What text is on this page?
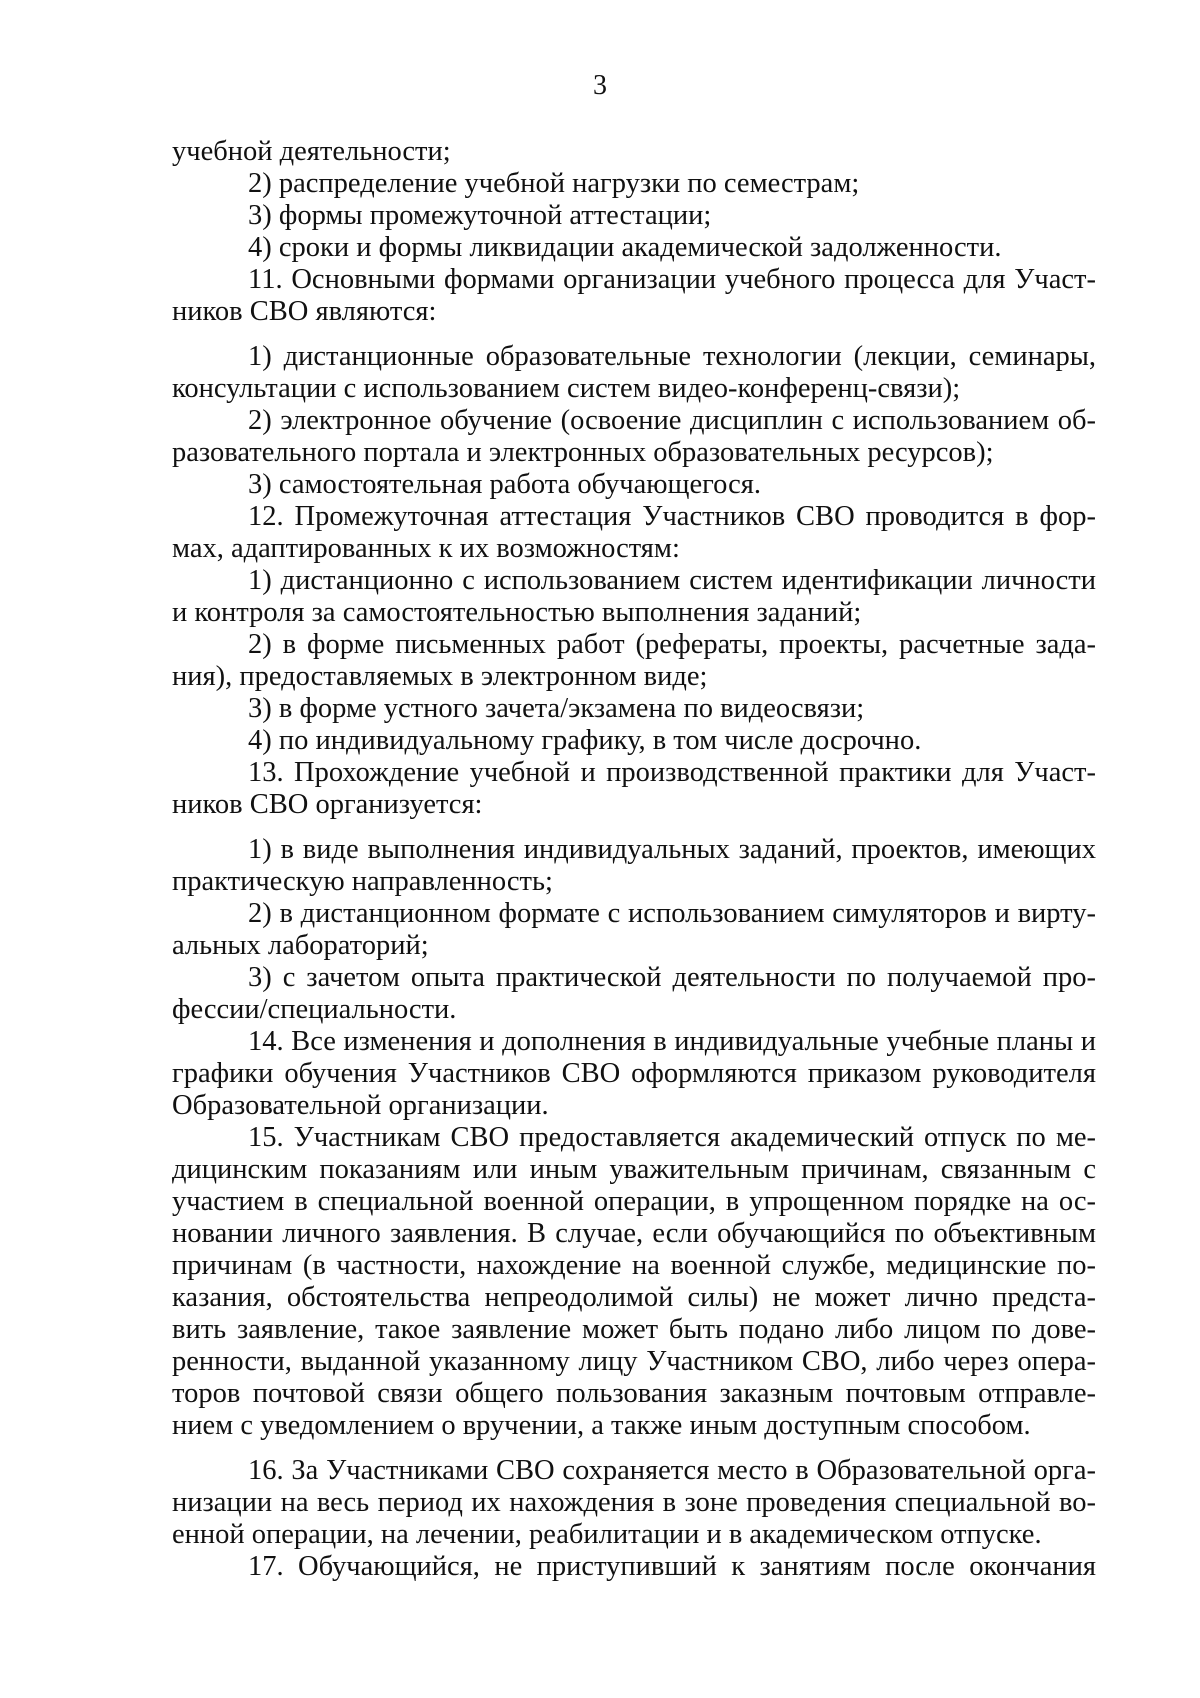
3
учебной деятельности;
2) распределение учебной нагрузки по семестрам;
3) формы промежуточной аттестации;
4) сроки и формы ликвидации академической задолженности.
11. Основными формами организации учебного процесса для Участ-
ников СВО являются:
1) дистанционные образовательные технологии (лекции, семинары,
консультации с использованием систем видео-конференц-связи);
2) электронное обучение (освоение дисциплин с использованием об-
разовательного портала и электронных образовательных ресурсов);
3) самостоятельная работа обучающегося.
12. Промежуточная аттестация Участников СВО проводится в фор-
мах, адаптированных к их возможностям:
1) дистанционно с использованием систем идентификации личности
и контроля за самостоятельностью выполнения заданий;
2) в форме письменных работ (рефераты, проекты, расчетные зада-
ния), предоставляемых в электронном виде;
3) в форме устного зачета/экзамена по видеосвязи;
4) по индивидуальному графику, в том числе досрочно.
13. Прохождение учебной и производственной практики для Участ-
ников СВО организуется:
1) в виде выполнения индивидуальных заданий, проектов, имеющих
практическую направленность;
2) в дистанционном формате с использованием симуляторов и вирту-
альных лабораторий;
3) с зачетом опыта практической деятельности по получаемой про-
фессии/специальности.
14. Все изменения и дополнения в индивидуальные учебные планы и
графики обучения Участников СВО оформляются приказом руководителя
Образовательной организации.
15. Участникам СВО предоставляется академический отпуск по ме-
дицинским показаниям или иным уважительным причинам, связанным с
участием в специальной военной операции, в упрощенном порядке на ос-
новании личного заявления. В случае, если обучающийся по объективным
причинам (в частности, нахождение на военной службе, медицинские по-
казания, обстоятельства непреодолимой силы) не может лично предста-
вить заявление, такое заявление может быть подано либо лицом по дове-
ренности, выданной указанному лицу Участником СВО, либо через опера-
торов почтовой связи общего пользования заказным почтовым отправле-
нием с уведомлением о вручении, а также иным доступным способом.
16. За Участниками СВО сохраняется место в Образовательной орга-
низации на весь период их нахождения в зоне проведения специальной во-
енной операции, на лечении, реабилитации и в академическом отпуске.
17. Обучающийся, не приступивший к занятиям после окончания
